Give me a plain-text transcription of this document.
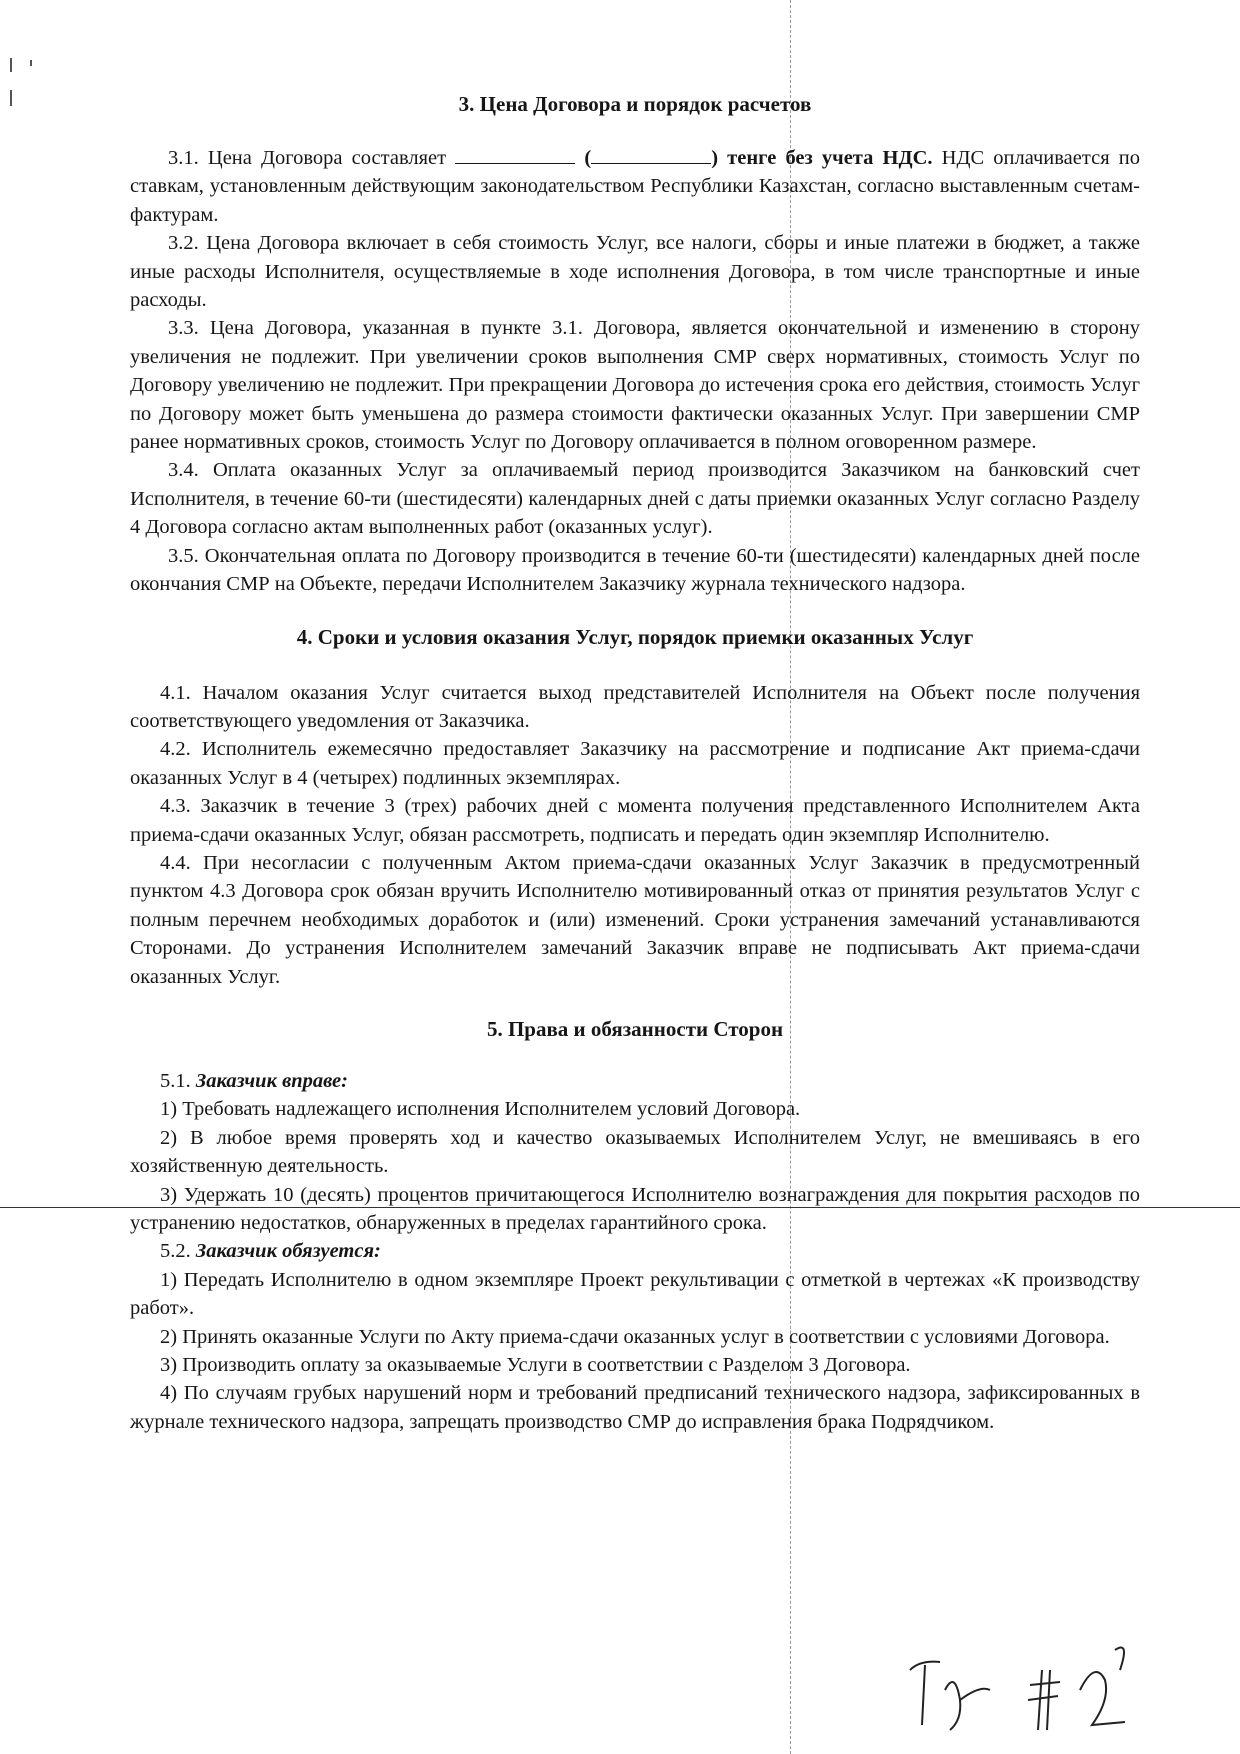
3. Цена Договора и порядок расчетов

3.1. Цена Договора составляет	(	) тенге без учета НДС. НДС оплачивается по ставкам, установленным действующим законодательством Республики Казахстан, согласно выставленным счетам-фактурам.

3.2. Цена Договора включает в себя стоимость Услуг, все налоги, сборы и иные платежи в бюджет, а также иные расходы Исполнителя, осуществляемые в ходе исполнения Договора, в том числе транспортные и иные расходы.

3.3. Цена Договора, указанная в пункте 3.1. Договора, является окончательной и изменению в сторону увеличения не подлежит. При увеличении сроков выполнения СМР сверх нормативных, стоимость Услуг по Договору увеличению не подлежит. При прекращении Договора до истечения срока его действия, стоимость Услуг по Договору может быть уменьшена до размера стоимости фактически оказанных Услуг. При завершении СМР ранее нормативных сроков, стоимость Услуг по Договору оплачивается в полном оговоренном размере.

3.4. Оплата оказанных Услуг за оплачиваемый период производится Заказчиком на банковский счет Исполнителя, в течение 60-ти (шестидесяти) календарных дней с даты приемки оказанных Услуг согласно Разделу 4 Договора согласно актам выполненных работ (оказанных услуг).

3.5. Окончательная оплата по Договору производится в течение 60-ти (шестидесяти) календарных дней после окончания СМР на Объекте, передачи Исполнителем Заказчику журнала технического надзора.

4. Сроки и условия оказания Услуг, порядок приемки оказанных Услуг

4.1. Началом оказания Услуг считается выход представителей Исполнителя на Объект после получения соответствующего уведомления от Заказчика.

4.2. Исполнитель ежемесячно предоставляет Заказчику на рассмотрение и подписание Акт приема-сдачи оказанных Услуг в 4 (четырех) подлинных экземплярах.

4.3. Заказчик в течение 3 (трех) рабочих дней с момента получения представленного Исполнителем Акта приема-сдачи оказанных Услуг, обязан рассмотреть, подписать и передать один экземпляр Исполнителю.

4.4. При несогласии с полученным Актом приема-сдачи оказанных Услуг Заказчик в предусмотренный пунктом 4.3 Договора срок обязан вручить Исполнителю мотивированный отказ от принятия результатов Услуг с полным перечнем необходимых доработок и (или) изменений. Сроки устранения замечаний устанавливаются Сторонами. До устранения Исполнителем замечаний Заказчик вправе не подписывать Акт приема-сдачи оказанных Услуг.

5. Права и обязанности Сторон

5.1. Заказчик вправе:

1) Требовать надлежащего исполнения Исполнителем условий Договора.

2) В любое время проверять ход и качество оказываемых Исполнителем Услуг, не вмешиваясь в его хозяйственную деятельность.

3) Удержать 10 (десять) процентов причитающегося Исполнителю вознаграждения для покрытия расходов по устранению недостатков, обнаруженных в пределах гарантийного срока.

5.2. Заказчик обязуется:

1) Передать Исполнителю в одном экземпляре Проект рекультивации с отметкой в чертежах «К производству работ».

2) Принять оказанные Услуги по Акту приема-сдачи оказанных услуг в соответствии с условиями Договора.

3) Производить оплату за оказываемые Услуги в соответствии с Разделом 3 Договора.

4) По случаям грубых нарушений норм и требований предписаний технического надзора, зафиксированных в журнале технического надзора, запрещать производство СМР до исправления брака Подрядчиком.
